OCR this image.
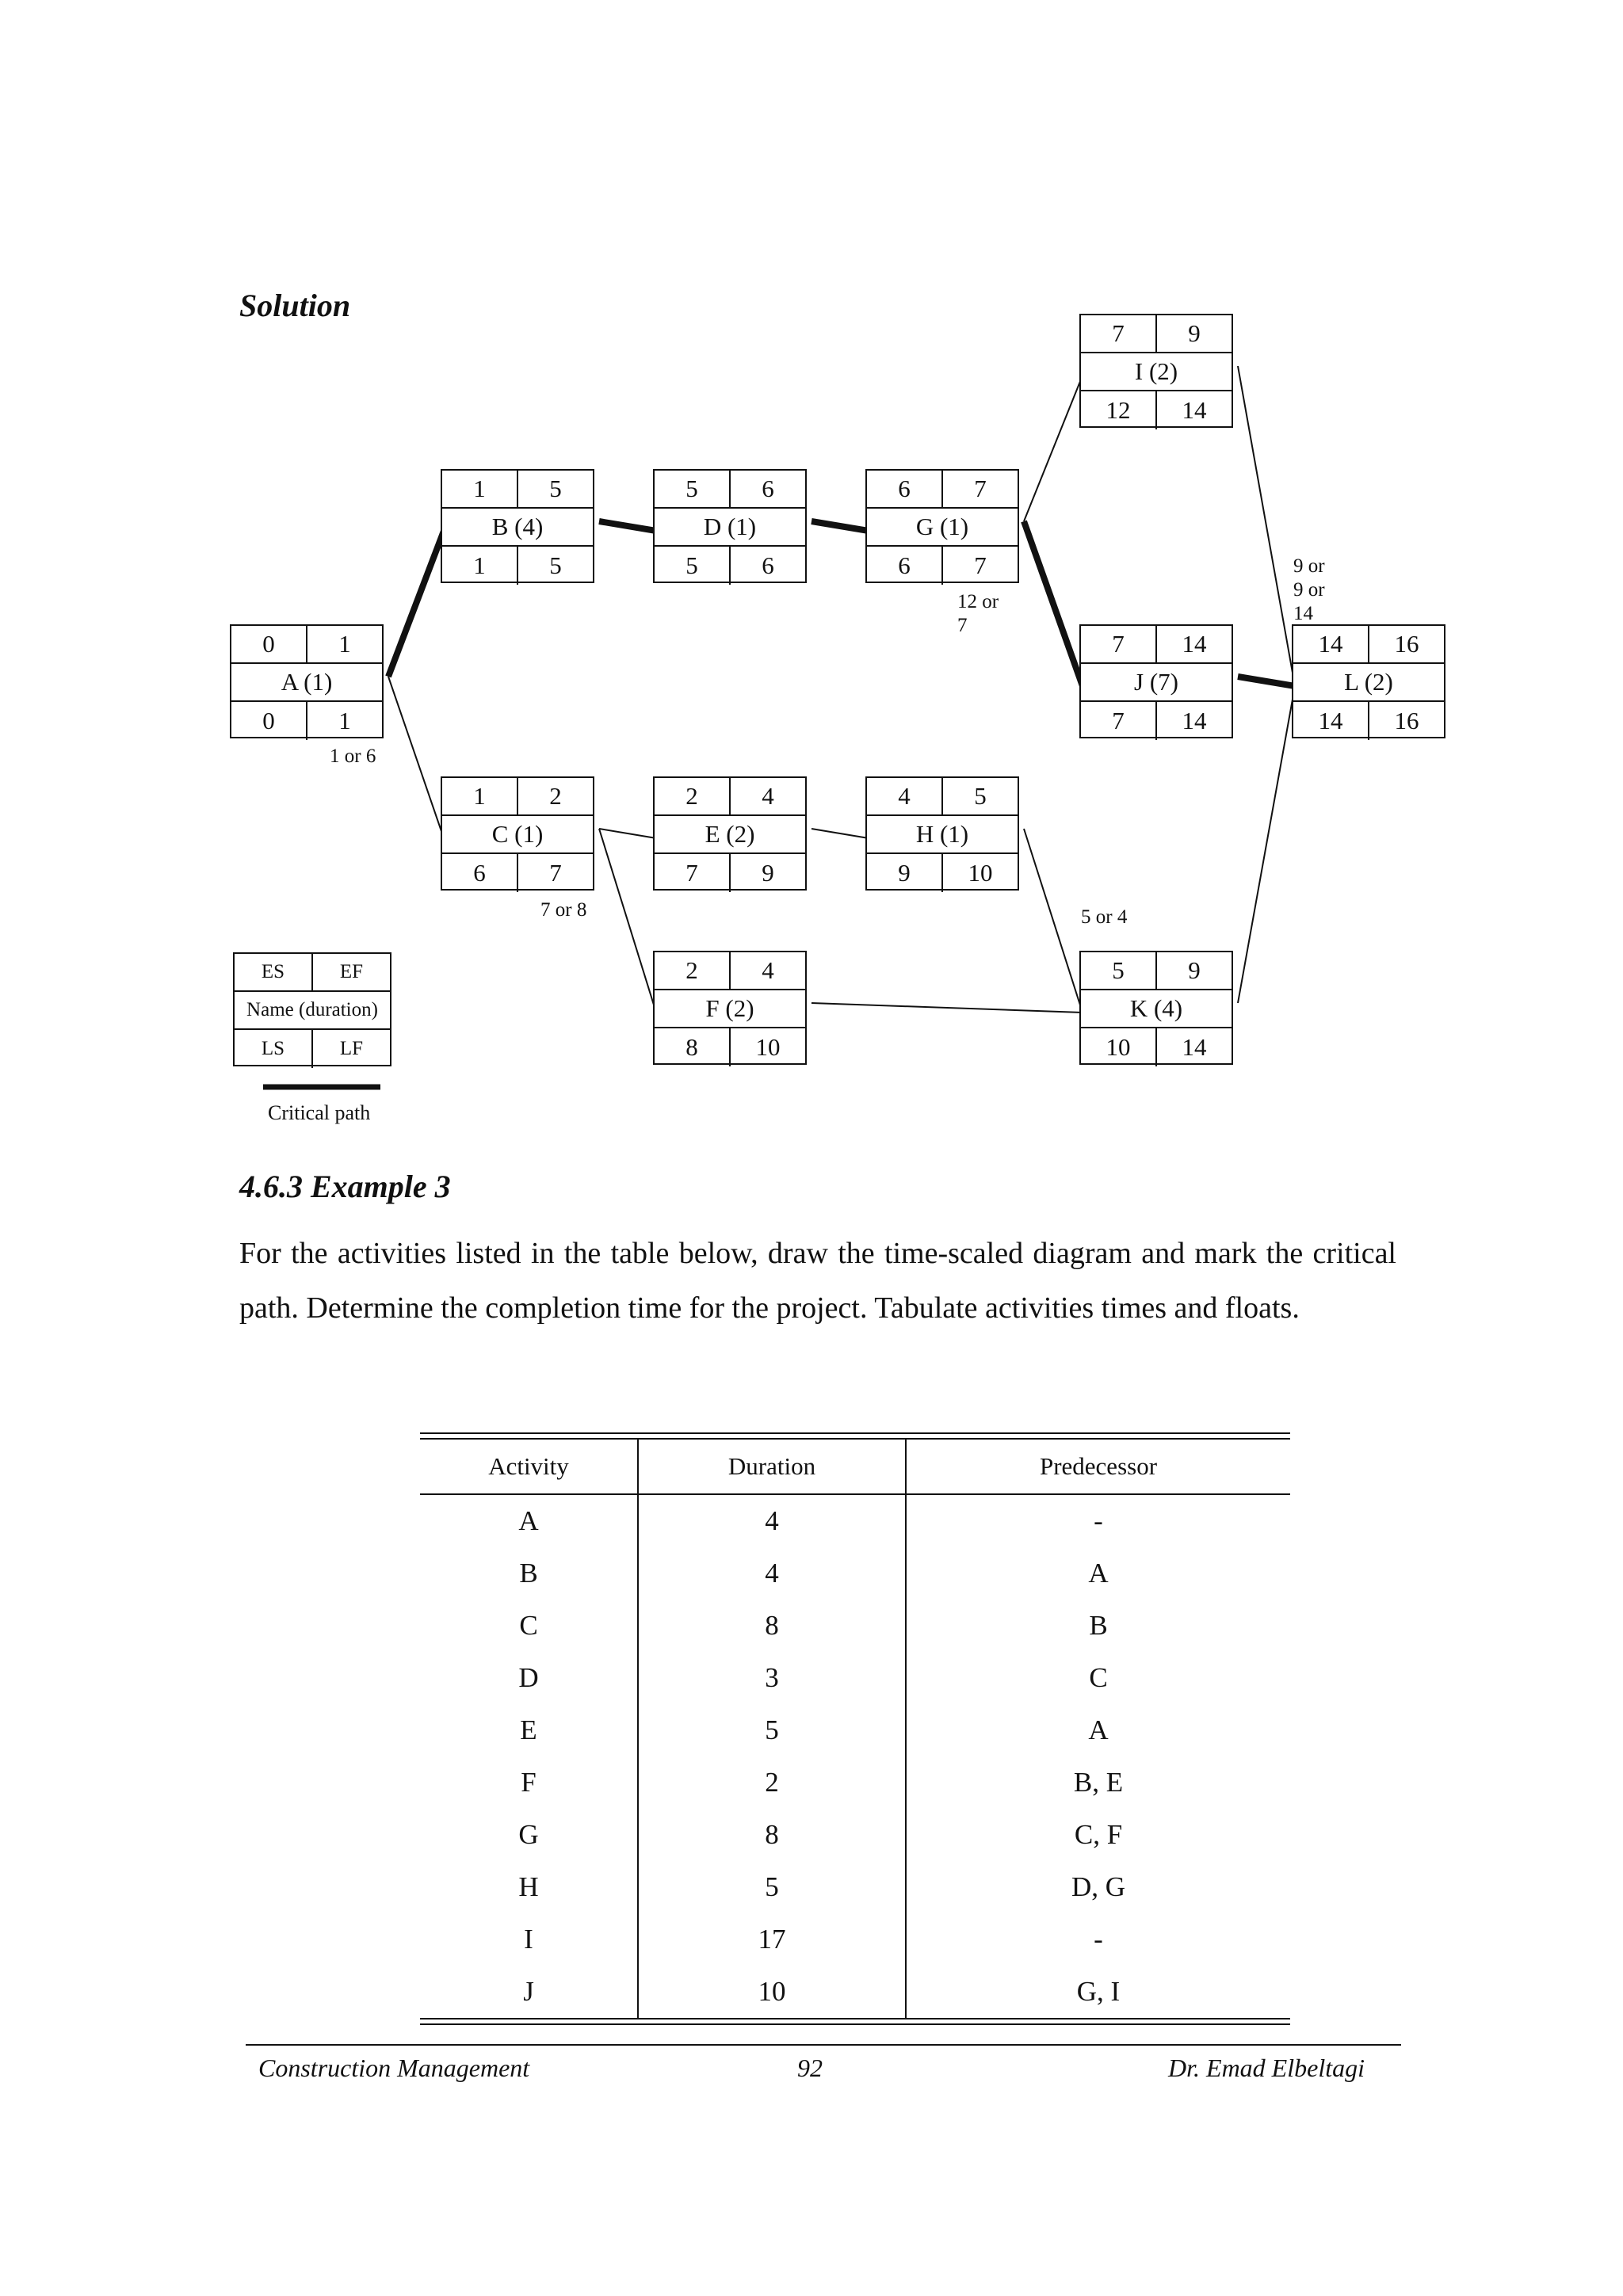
Solution
0	1
A (1)
0	1
1	5
B (4)
1	5
1	2
C (1)
6	7
5	6
D (1)
5	6
2	4
E (2)
7	9
2	4
F (2)
8	10
6	7
G (1)
6	7
4	5
H (1)
9	10
7	9
I (2)
12	14
7	14
J (7)
7	14
5	9
K (4)
10	14
14	16
L (2)
14	16
1 or 6
7 or 8
12 or 7
5 or 4
9 or 9 or 14
ES	EF
Name (duration)
LS	LF
Critical path
4.6.3 Example 3
For the activities listed in the table below, draw the time-scaled diagram and mark the critical path. Determine the completion time for the project. Tabulate activities times and floats.
Activity	Duration	Predecessor
A	4	-
B	4	A
C	8	B
D	3	C
E	5	A
F	2	B, E
G	8	C, F
H	5	D, G
I	17	-
J	10	G, I
Construction Management	92	Dr. Emad Elbeltagi
